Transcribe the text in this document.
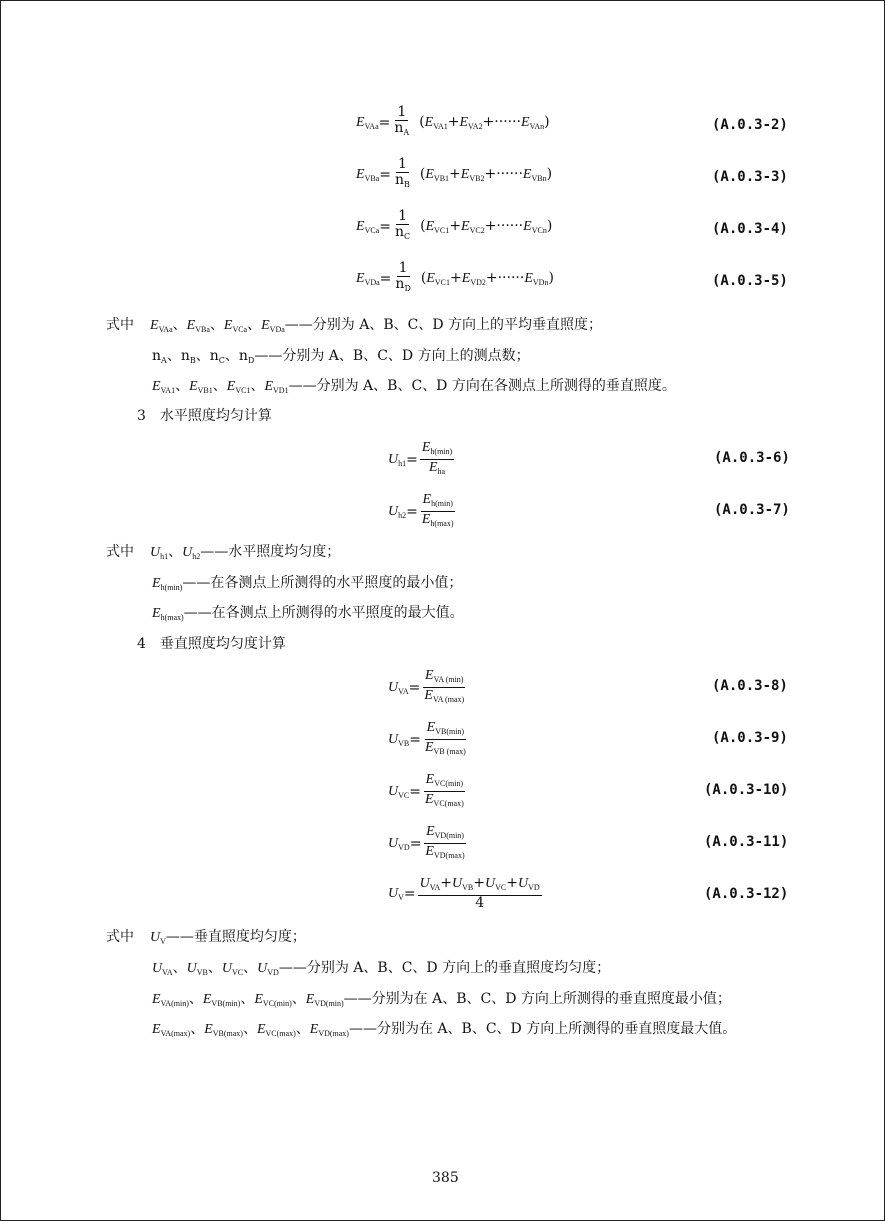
$E_{VAa} = \frac{1}{n_A} (E_{VA1}+E_{VA2}+\cdot\cdot\cdot\cdot\cdot\cdot E_{VAn})$	(A.0.3-2)
$E_{VBa} = \frac{1}{n_B} (E_{VB1}+E_{VB2}+\cdot\cdot\cdot\cdot\cdot\cdot E_{VBn})$	(A.0.3-3)
$E_{VCa} = \frac{1}{n_C} (E_{VC1}+E_{VC2}+\cdot\cdot\cdot\cdot\cdot\cdot E_{VCn})$	(A.0.3-4)
$E_{VDa} = \frac{1}{n_D} (E_{VC1}+E_{VD2}+\cdot\cdot\cdot\cdot\cdot\cdot E_{VDn})$	(A.0.3-5)
式中 $E_{VAa}$、$E_{VBa}$、$E_{VCa}$、$E_{VDa}——$分别为 A、B、C、D 方向上的平均垂直照度；
$n_A$、$n_B$、$n_C$、$n_D——$分别为 A、B、C、D 方向上的测点数；
$E_{VA1}$、$E_{VB1}$、$E_{VC1}$、$E_{VD1}——$分别为 A、B、C、D 方向在各测点上所测得的垂直照度。
3　水平照度均匀计算
$U_{h1} = \frac{E_{h(min)}}{E_{ha}}$	(A.0.3-6)
$U_{h2} = \frac{E_{h(min)}}{E_{h(max)}}$	(A.0.3-7)
式中 $U_{h1}$、$U_{h2}——$水平照度均匀度；
$E_{h(min)}——$在各测点上所测得的水平照度的最小值；
$E_{h(max)}——$在各测点上所测得的水平照度的最大值。
4　垂直照度均匀度计算
$U_{VA} = \frac{E_{VA (min)}}{E_{VA (max)}}$	(A.0.3-8)
$U_{VB} = \frac{E_{VB(min)}}{E_{VB (max)}}$	(A.0.3-9)
$U_{VC} = \frac{E_{VC(min)}}{E_{VC(max)}}$	(A.0.3-10)
$U_{VD} = \frac{E_{VD(min)}}{E_{VD(max)}}$	(A.0.3-11)
$U_V = \frac{U_{VA}+U_{VB}+U_{VC}+U_{VD}}{4}$	(A.0.3-12)
式中 $U_V——$垂直照度均匀度；
$U_{VA}$、$U_{VB}$、$U_{VC}$、$U_{VD}——$分别为 A、B、C、D 方向上的垂直照度均匀度；
$E_{VA(min)}$、$E_{VB(min)}$、$E_{VC(min)}$、$E_{VD(min)}——$分别为在 A、B、C、D 方向上所测得的垂直照度最小值；
$E_{VA(max)}$、$E_{VB(max)}$、$E_{VC(max)}$、$E_{VD(max)}——$分别为在 A、B、C、D 方向上所测得的垂直照度最大值。
385
